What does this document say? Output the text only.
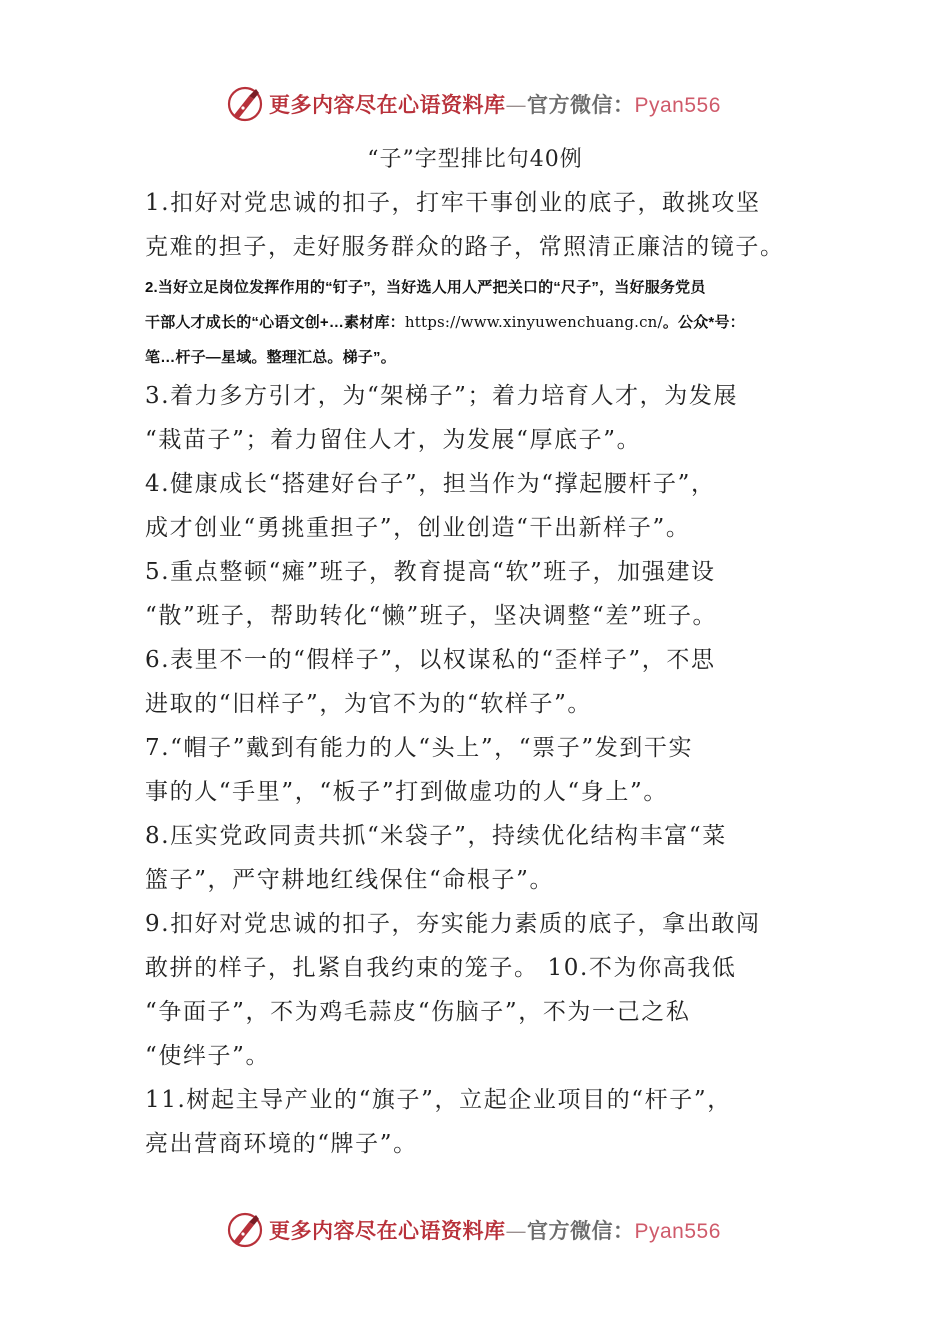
更多内容尽在心语资料库—官方微信：Pyan556
“子”字型排比句40例

1.扣好对党忠诚的扣子，打牢干事创业的底子，敢挑攻坚

克难的担子，走好服务群众的路子，常照清正廉洁的镜子。

2.当好立足岗位发挥作用的“钉子”，当好选人用人严把关口的“尺子”，当好服务党员

干部人才成长的“心语文创+…素材库：https://www.xinyuwenchuang.cn/。公众*号：

笔…杆子—星域。整理汇总。梯子”。

3.着力多方引才，为“架梯子”；着力培育人才，为发展

“栽苗子”；着力留住人才，为发展“厚底子”。

4.健康成长“搭建好台子”，担当作为“撑起腰杆子”，

成才创业“勇挑重担子”，创业创造“干出新样子”。

5.重点整顿“瘫”班子，教育提高“软”班子，加强建设

“散”班子，帮助转化“懒”班子，坚决调整“差”班子。

6.表里不一的“假样子”，以权谋私的“歪样子”，不思

进取的“旧样子”，为官不为的“软样子”。

7.“帽子”戴到有能力的人“头上”，“票子”发到干实

事的人“手里”，“板子”打到做虚功的人“身上”。

8.压实党政同责共抓“米袋子”，持续优化结构丰富“菜

篮子”，严守耕地红线保住“命根子”。

9.扣好对党忠诚的扣子，夯实能力素质的底子，拿出敢闯

敢拼的样子，扎紧自我约束的笼子。 10.不为你高我低

“争面子”，不为鸡毛蒜皮“伤脑子”，不为一己之私

“使绊子”。

11.树起主导产业的“旗子”，立起企业项目的“杆子”，

亮出营商环境的“牌子”。

更多内容尽在心语资料库—官方微信：Pyan556
